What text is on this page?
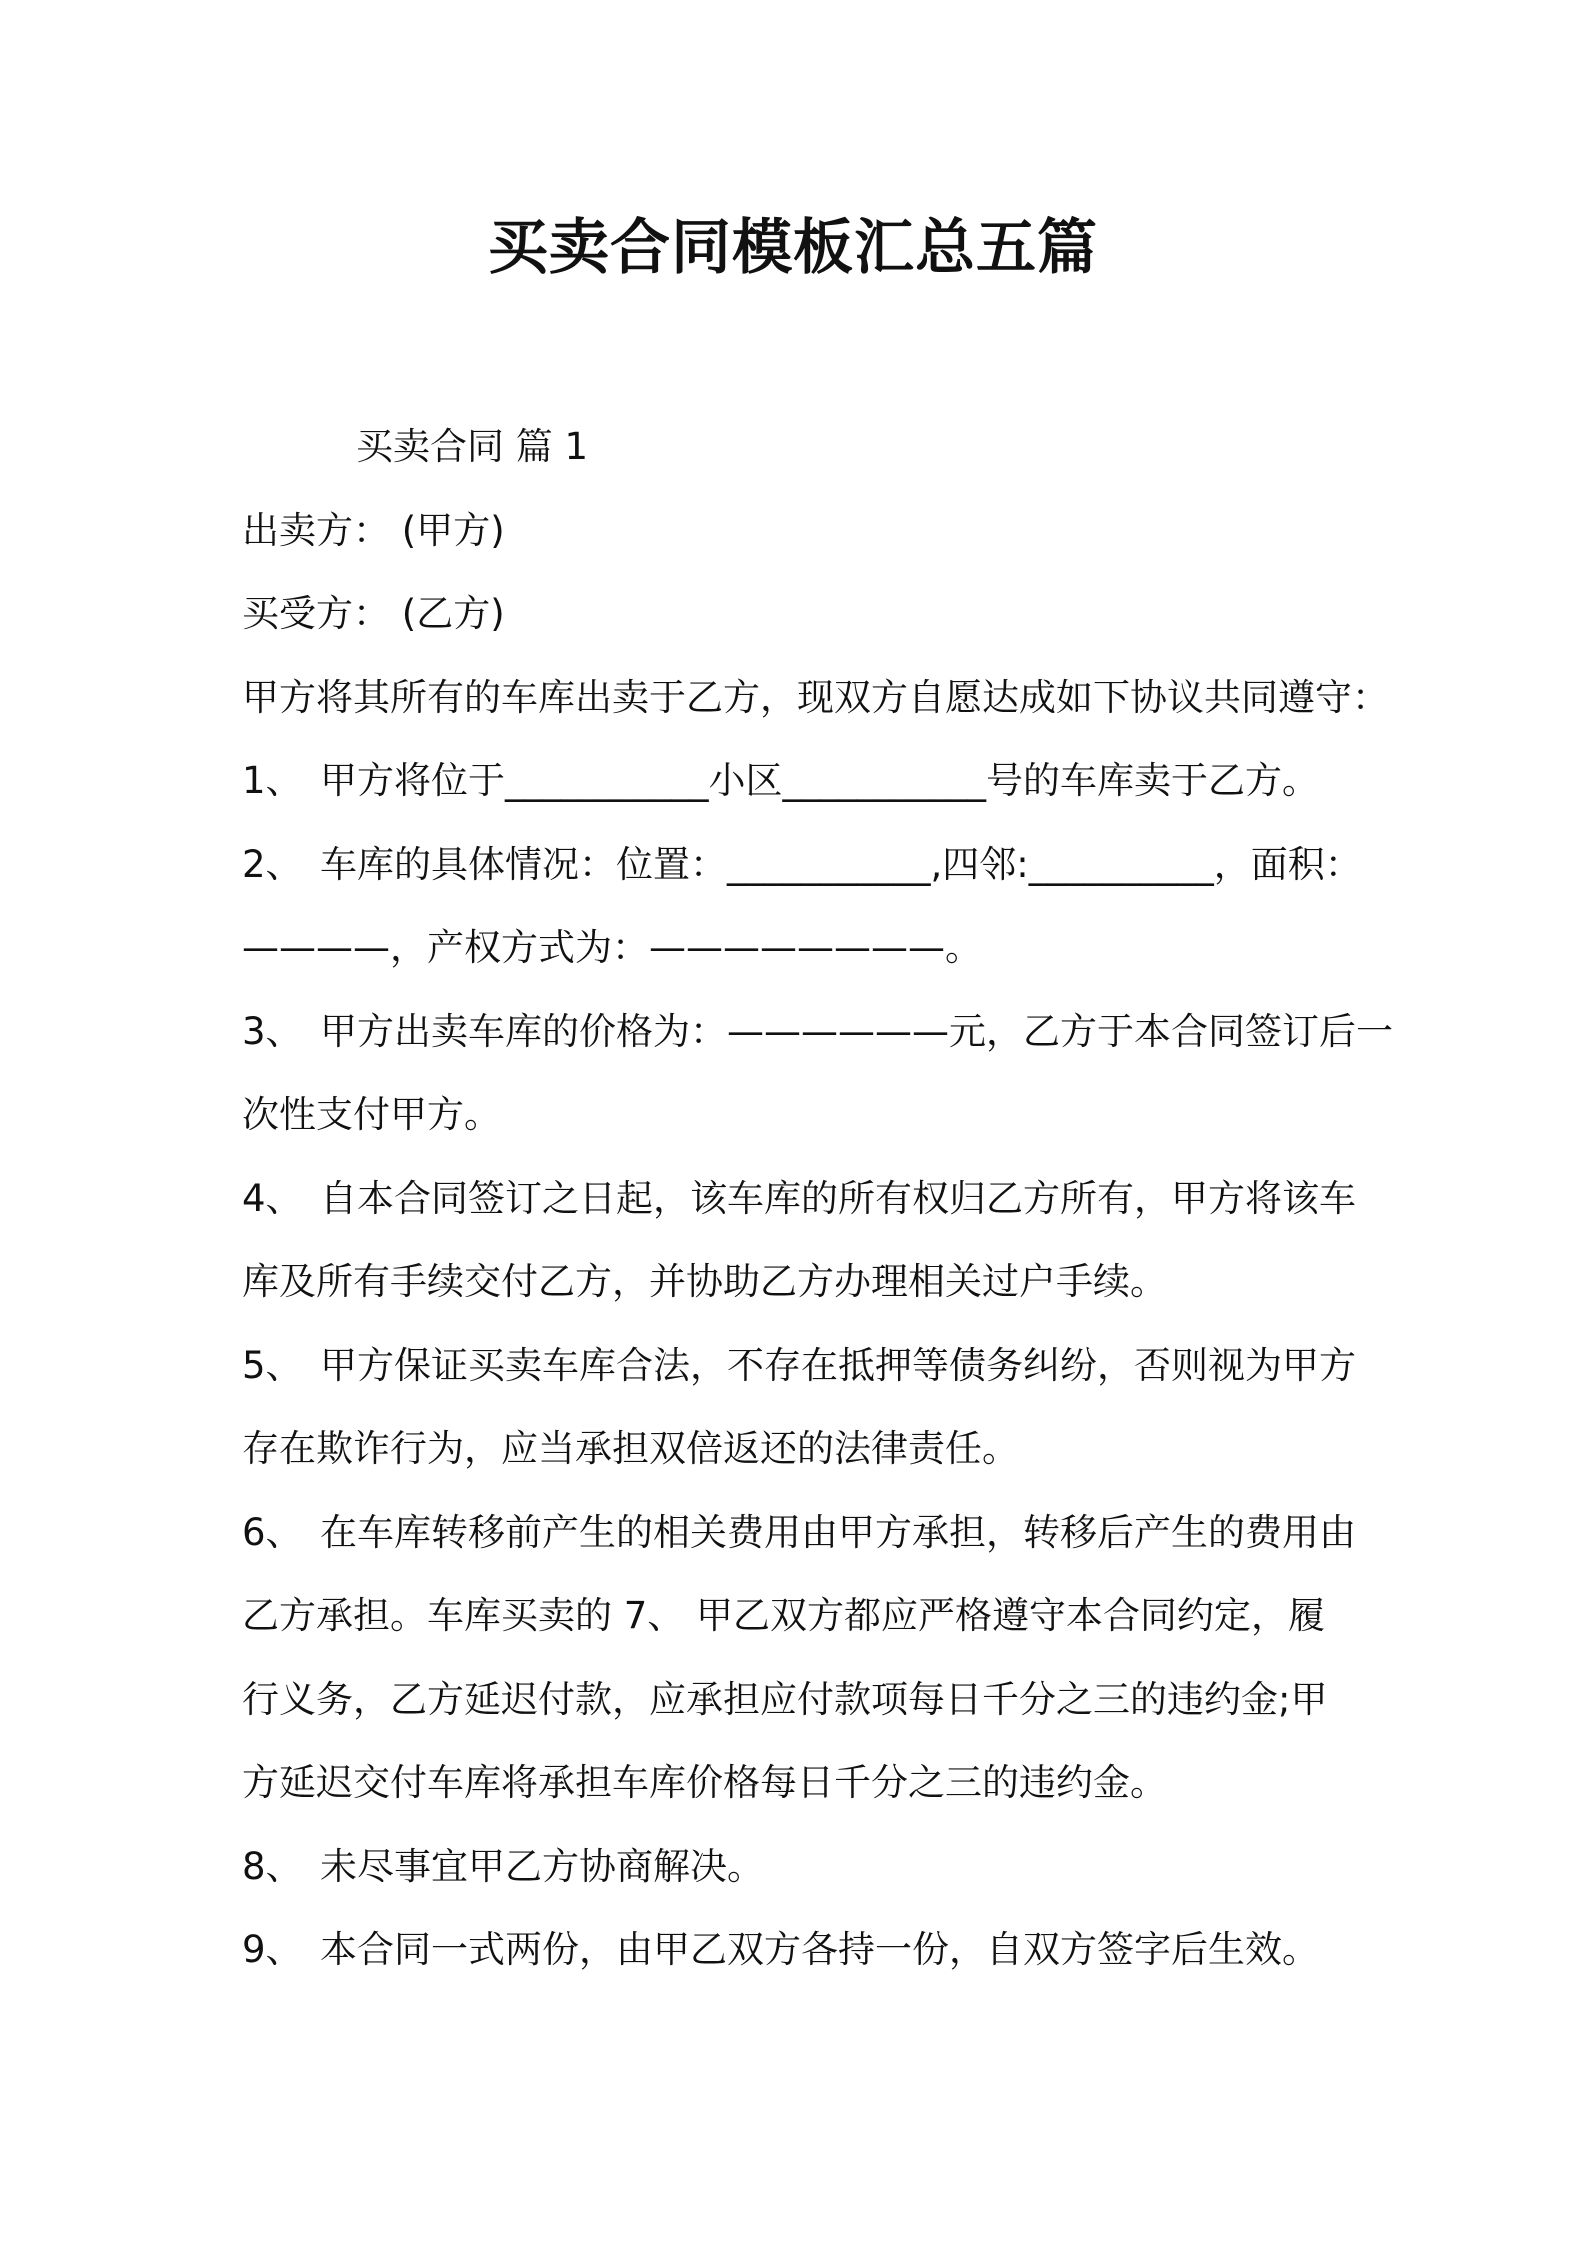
买卖合同模板汇总五篇
买卖合同 篇 1
出卖方： (甲方)
买受方： (乙方)
甲方将其所有的车库出卖于乙方，现双方自愿达成如下协议共同遵守：
1、 甲方将位于___________小区___________号的车库卖于乙方。
2、 车库的具体情况：位置：___________,四邻:__________，面积：
————，产权方式为：————————。
3、 甲方出卖车库的价格为：——————元，乙方于本合同签订后一
次性支付甲方。
4、 自本合同签订之日起，该车库的所有权归乙方所有，甲方将该车
库及所有手续交付乙方，并协助乙方办理相关过户手续。
5、 甲方保证买卖车库合法，不存在抵押等债务纠纷，否则视为甲方
存在欺诈行为，应当承担双倍返还的法律责任。
6、 在车库转移前产生的相关费用由甲方承担，转移后产生的费用由
乙方承担。车库买卖的 7、 甲乙双方都应严格遵守本合同约定，履
行义务，乙方延迟付款，应承担应付款项每日千分之三的违约金;甲
方延迟交付车库将承担车库价格每日千分之三的违约金。
8、 未尽事宜甲乙方协商解决。
9、 本合同一式两份，由甲乙双方各持一份，自双方签字后生效。
